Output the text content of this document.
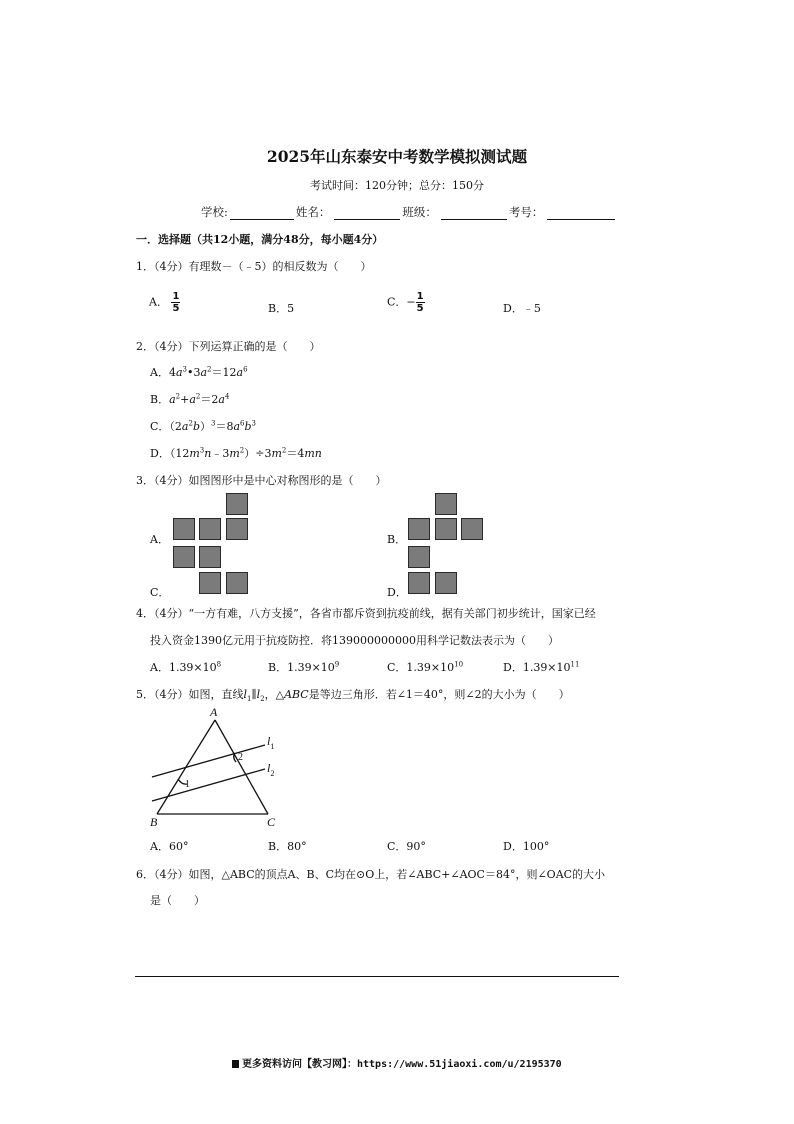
2025年山东泰安中考数学模拟测试题
考试时间：120分钟；总分：150分
学校:	姓名：	班级：	考号：
一．选择题（共12小题，满分48分，每小题4分）
1．（4分）有理数－（﹣5）的相反数为（　　）
A． $\frac{1}{5}$	B．5	C．− $\frac{1}{5}$	D．﹣5
2．（4分）下列运算正确的是（　　）
A．$4a^3•3a^2=12a^6$
B．$a^2+a^2=2a^4$
C．$(2a^2b)^3=8a^6b^3$
D．$(12m^3n﹣3m^2)\div 3m^2=4mn$
3．（4分）如图图形中是中心对称图形的是（　　）
A．	B．
C．	D．
4．（4分）“一方有难，八方支援”，各省市都斥资到抗疫前线，据有关部门初步统计，国家已经
投入资金1390亿元用于抗疫防控．将139000000000用科学记数法表示为（　　）
A．$1.39\times 10^8$	B．$1.39\times 10^9$	C．$1.39\times 10^{10}$	D．$1.39\times 10^{11}$
5．（4分）如图，直线$l_1\parallel l_2$，△ABC是等边三角形．若∠1＝40°，则∠2的大小为（　　）
A
B	C
$l_1$
$l_2$
1
2
A．60°	B．80°	C．90°	D．100°
6．（4分）如图，△ABC的顶点A、B、C均在⊙O上，若∠ABC+∠AOC＝84°，则∠OAC的大小
是（　　）
更多资料访问【教习网】：https://www.51jiaoxi.com/u/2195370
